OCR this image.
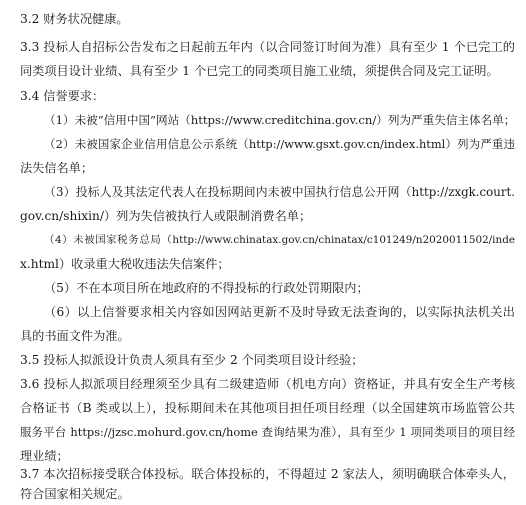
3.2 财务状况健康。
3.3 投标人自招标公告发布之日起前五年内（以合同签订时间为准）具有至少 1 个已完工的
同类项目设计业绩、具有至少 1 个已完工的同类项目施工业绩，须提供合同及完工证明。
3.4 信誉要求：
（1）未被“信用中国”网站（https://www.creditchina.gov.cn/）列为严重失信主体名单；
（2）未被国家企业信用信息公示系统（http://www.gsxt.gov.cn/index.html）列为严重违
法失信名单；
（3）投标人及其法定代表人在投标期间内未被中国执行信息公开网（http://zxgk.court.
gov.cn/shixin/）列为失信被执行人或限制消费名单；
（4）未被国家税务总局（http://www.chinatax.gov.cn/chinatax/c101249/n2020011502/inde
x.html）收录重大税收违法失信案件；
（5）不在本项目所在地政府的不得投标的行政处罚期限内；
（6）以上信誉要求相关内容如因网站更新不及时导致无法查询的，以实际执法机关出
具的书面文件为准。
3.5 投标人拟派设计负责人须具有至少 2 个同类项目设计经验；
3.6 投标人拟派项目经理须至少具有二级建造师（机电方向）资格证，并具有安全生产考核
合格证书（B 类或以上），投标期间未在其他项目担任项目经理（以全国建筑市场监管公共
服务平台 https://jzsc.mohurd.gov.cn/home 查询结果为准），具有至少 1 项同类项目的项目经
理业绩；
3.7 本次招标接受联合体投标。联合体投标的，不得超过 2 家法人，须明确联合体牵头人，
符合国家相关规定。
